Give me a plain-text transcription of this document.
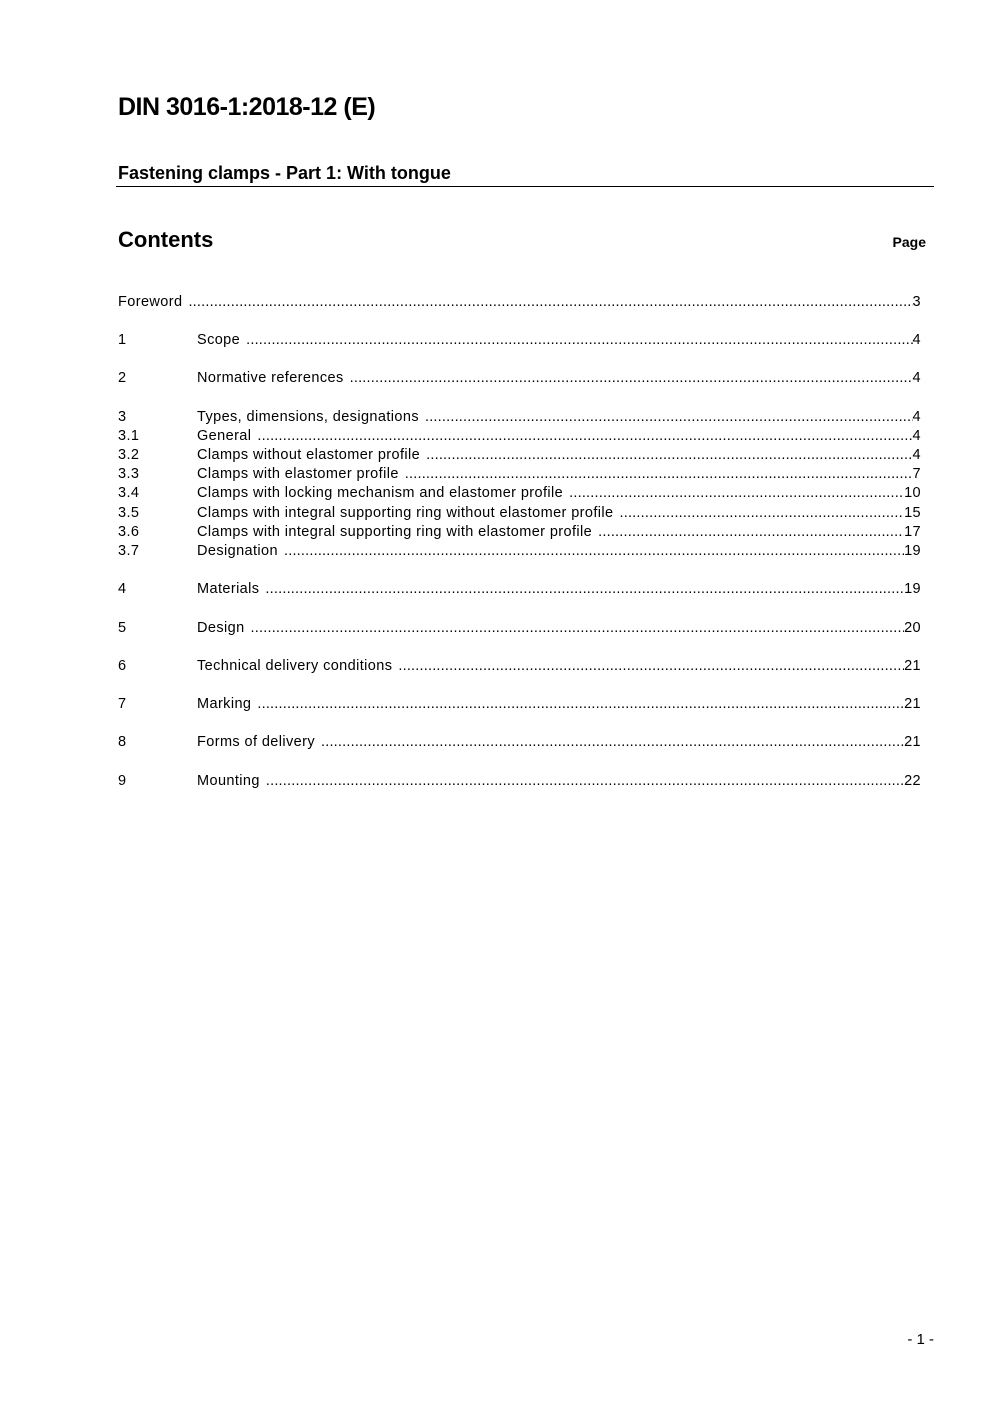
DIN 3016-1:2018-12 (E)
Fastening clamps - Part 1: With tongue
Contents	Page
Foreword .....	3
1	Scope .....	4
2	Normative references .....	4
3	Types, dimensions, designations .....	4
3.1	General .....	4
3.2	Clamps without elastomer profile .....	4
3.3	Clamps with elastomer profile .....	7
3.4	Clamps with locking mechanism and elastomer profile .....	10
3.5	Clamps with integral supporting ring without elastomer profile .....	15
3.6	Clamps with integral supporting ring with elastomer profile .....	17
3.7	Designation .....	19
4	Materials .....	19
5	Design .....	20
6	Technical delivery conditions .....	21
7	Marking .....	21
8	Forms of delivery .....	21
9	Mounting .....	22
- 1 -
